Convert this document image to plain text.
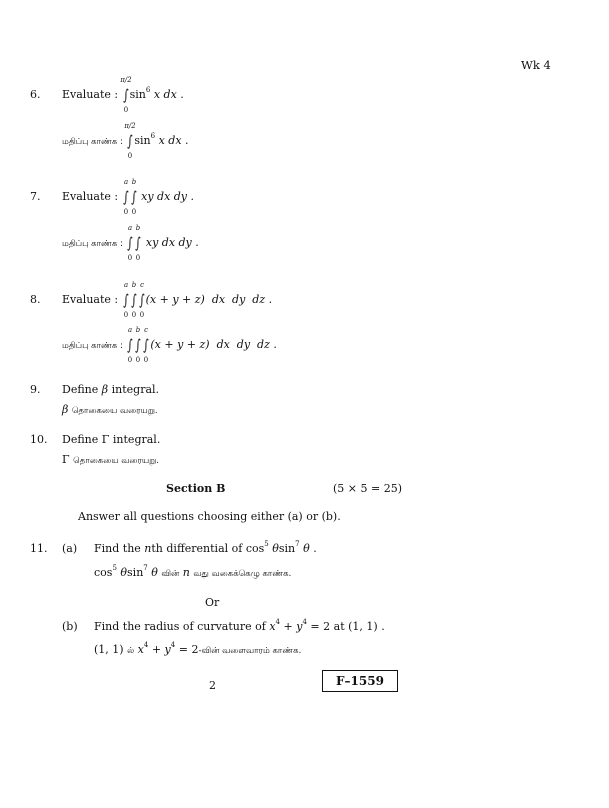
Wk 4
6. Evaluate : ∫
π/2
0
$\sin^6 x$ dx .
மதிப்பு காண்க : ∫
π/2
0
$\sin^6 x$ dx .
7. Evaluate : ∫
a
0
∫
b
0
xy dx dy .
மதிப்பு காண்க : ∫
a
0
∫
b
0
xy dx dy .
8. Evaluate : ∫
a
0
∫
b
0
∫
c
0
(x + y + z)  dx  dy  dz .
மதிப்பு காண்க : ∫
a
0
∫
b
0
∫
c
0
(x + y + z)  dx  dy  dz .
9. Define β integral.
β தொகையை வரையறு.
10. Define Γ integral.
Γ தொகையை வரையறு.
Section B	(5 × 5 = 25)
Answer all questions choosing either (a) or (b).
11. (a) Find the nth differential of $\cos^5 \theta\sin^7$ θ .
$\cos^5 \theta\sin^7$ θ வின் n வது வகைக்கெழு காண்க.
Or
(b) Find the radius of curvature of $x^4 + y^4 = 2$ at (1, 1) .
(1, 1) ல் $x^4 + y^4$ = 2-வின் வளைவாரம் காண்க.
2	F–1559
